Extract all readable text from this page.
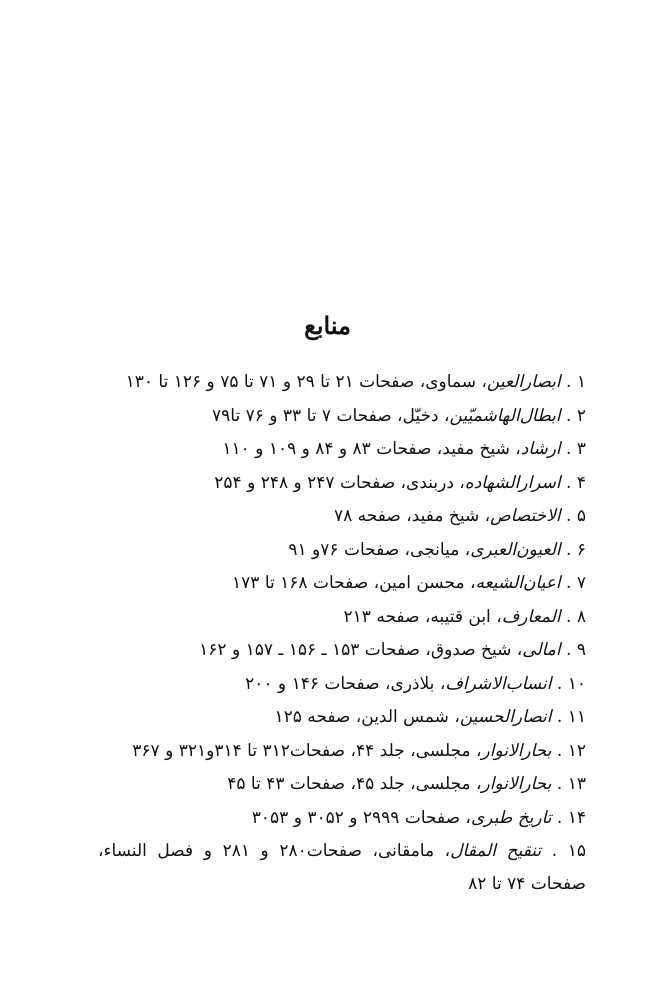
منابع
۱ . ابصارالعین، سماوی، صفحات ۲۱ تا ۲۹ و ۷۱ تا ۷۵ و ۱۲۶ تا ۱۳۰
۲ . ابطال‌الهاشمیّین، دخیّل، صفحات ۷ تا ۳۳ و ۷۶ تا۷۹
۳ . ارشاد، شیخ مفید، صفحات ۸۳ و ۸۴ و ۱۰۹ و ۱۱۰
۴ . اسرارالشهاده، دربندی، صفحات ۲۴۷ و ۲۴۸ و ۲۵۴
۵ . الاختصاص، شیخ مفید، صفحه ۷۸
۶ . العیون‌العبری، میانجی، صفحات ۷۶و ۹۱
۷ . اعیان‌الشیعه، محسن امین، صفحات ۱۶۸ تا ۱۷۳
۸ . المعارف، ابن قتیبه، صفحه ۲۱۳
۹ . امالی، شیخ صدوق، صفحات ۱۵۳ ـ ۱۵۶ ـ ۱۵۷ و ۱۶۲
۱۰ . انساب‌الاشراف، بلاذری، صفحات ۱۴۶ و ۲۰۰
۱۱ . انصارالحسین، شمس الدین، صفحه ۱۲۵
۱۲ . بحارالانوار، مجلسی، جلد ۴۴، صفحات۳۱۲ تا ۳۱۴و۳۲۱ و ۳۶۷
۱۳ . بحارالانوار، مجلسی، جلد ۴۵، صفحات ۴۳ تا ۴۵
۱۴ . تاریخ طبری، صفحات ۲۹۹۹ و ۳۰۵۲ و ۳۰۵۳
۱۵ . تنقیح المقال، مامقانی، صفحات۲۸۰ و ۲۸۱ و فصل النساء، صفحات ۷۴ تا ۸۲
